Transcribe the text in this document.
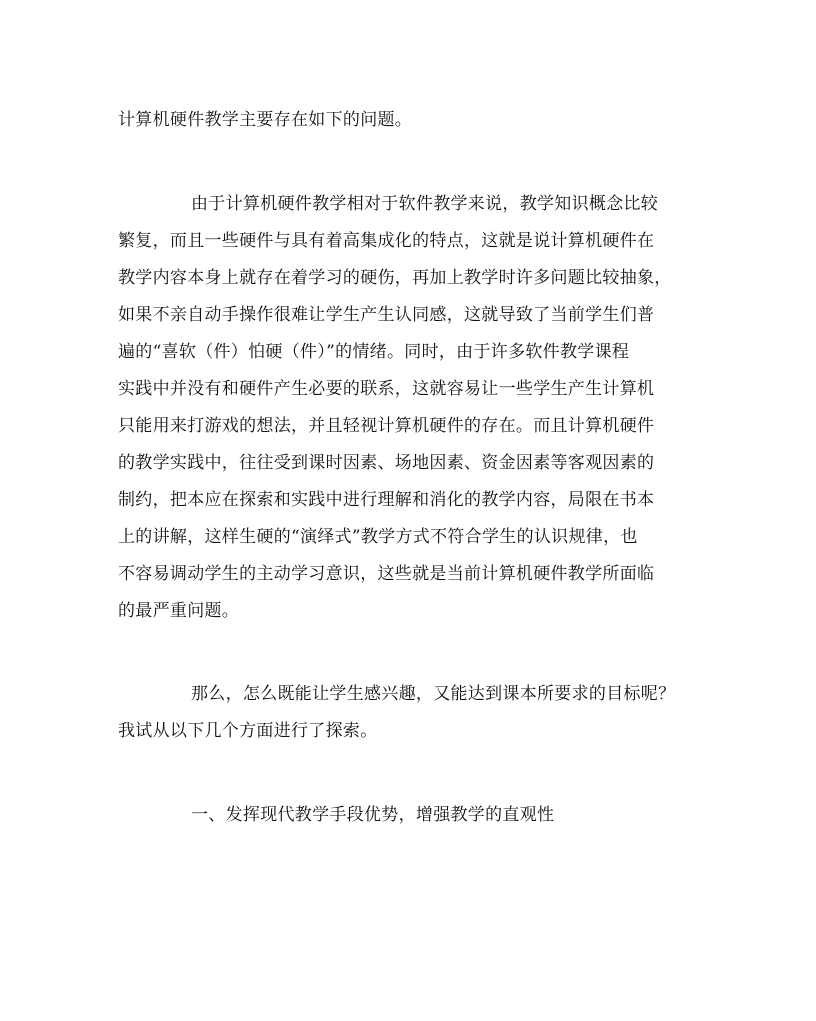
计算机硬件教学主要存在如下的问题。
由于计算机硬件教学相对于软件教学来说，教学知识概念比较
繁复，而且一些硬件与具有着高集成化的特点，这就是说计算机硬件在
教学内容本身上就存在着学习的硬伤，再加上教学时许多问题比较抽象，
如果不亲自动手操作很难让学生产生认同感，这就导致了当前学生们普
遍的“喜软（件）怕硬（件）”的情绪。同时，由于许多软件教学课程
实践中并没有和硬件产生必要的联系，这就容易让一些学生产生计算机
只能用来打游戏的想法，并且轻视计算机硬件的存在。而且计算机硬件
的教学实践中，往往受到课时因素、场地因素、资金因素等客观因素的
制约，把本应在探索和实践中进行理解和消化的教学内容，局限在书本
上的讲解，这样生硬的“演绎式”教学方式不符合学生的认识规律，也
不容易调动学生的主动学习意识，这些就是当前计算机硬件教学所面临
的最严重问题。
那么，怎么既能让学生感兴趣，又能达到课本所要求的目标呢？
我试从以下几个方面进行了探索。
一、发挥现代教学手段优势，增强教学的直观性
